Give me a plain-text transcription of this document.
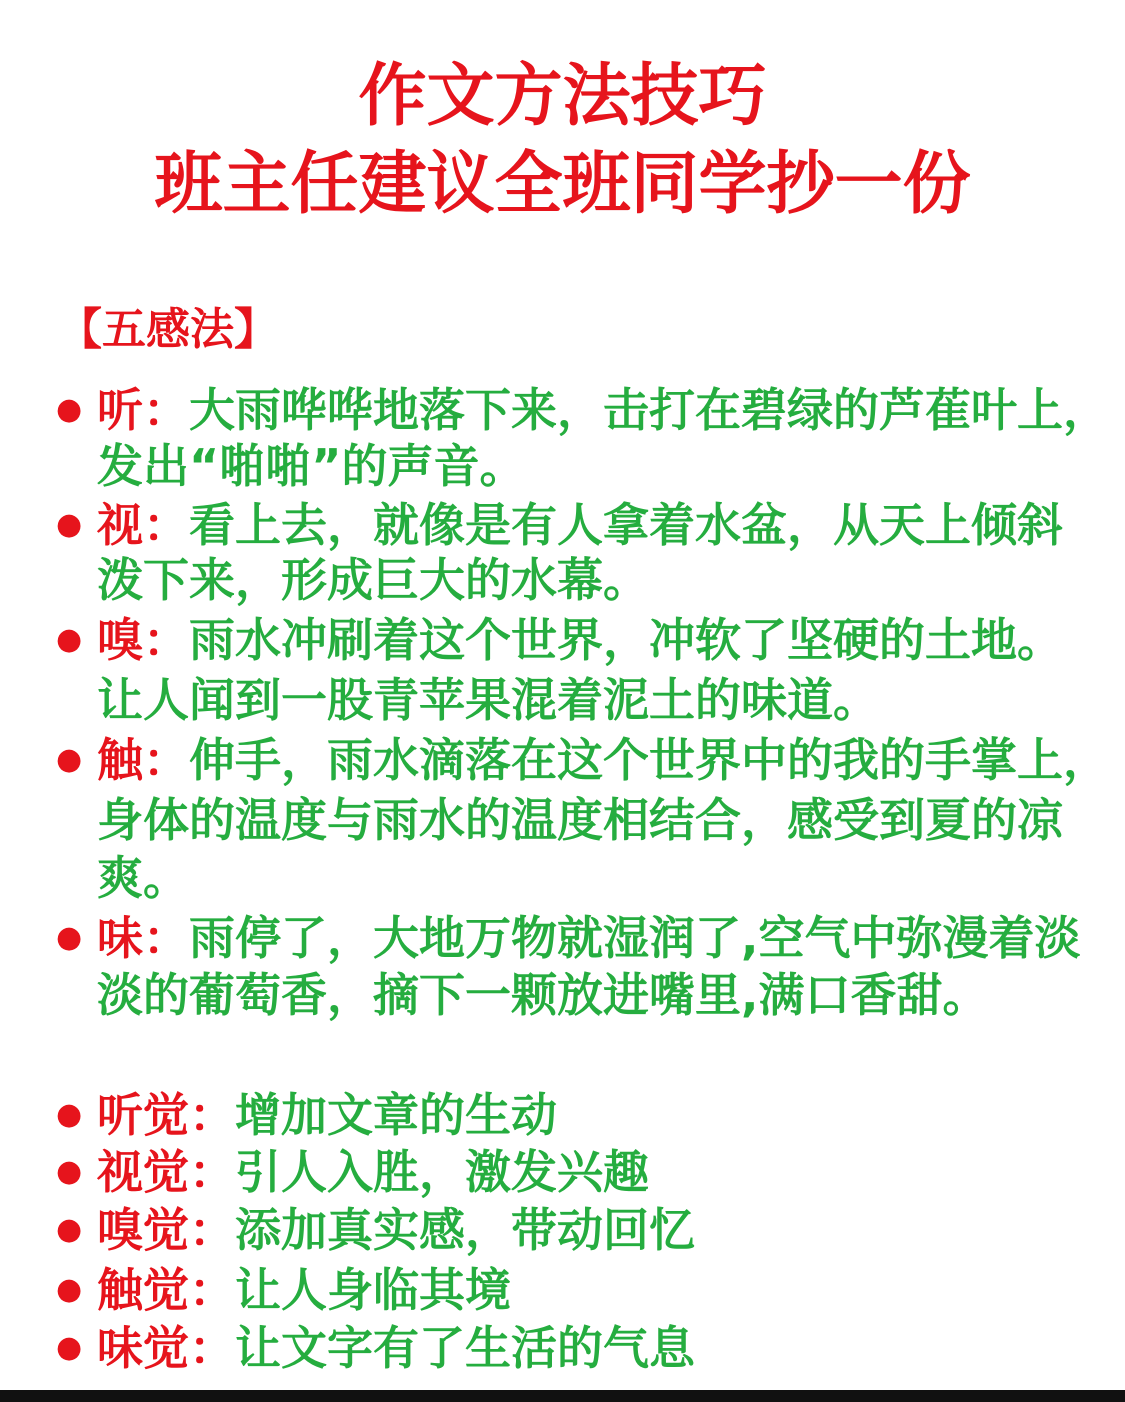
作文方法技巧
班主任建议全班同学抄一份
【五感法】
● 听： 大雨哗哗地落下来，击打在碧绿的芦萑叶上，
发出“啪啪”的声音。
● 视： 看上去，就像是有人拿着水盆，从天上倾斜
泼下来，形成巨大的水幕。
● 嗅： 雨水冲刷着这个世界，冲软了坚硬的土地。
让人闻到一股青苹果混着泥土的味道。
● 触： 伸手，雨水滴落在这个世界中的我的手掌上，
身体的温度与雨水的温度相结合，感受到夏的凉
爽。
● 味： 雨停了，大地万物就湿润了,空气中弥漫着淡
淡的葡萄香，摘下一颗放进嘴里,满口香甜。
● 听觉： 增加文章的生动
● 视觉： 引人入胜，激发兴趣
● 嗅觉： 添加真实感，带动回忆
● 触觉： 让人身临其境
● 味觉： 让文字有了生活的气息
